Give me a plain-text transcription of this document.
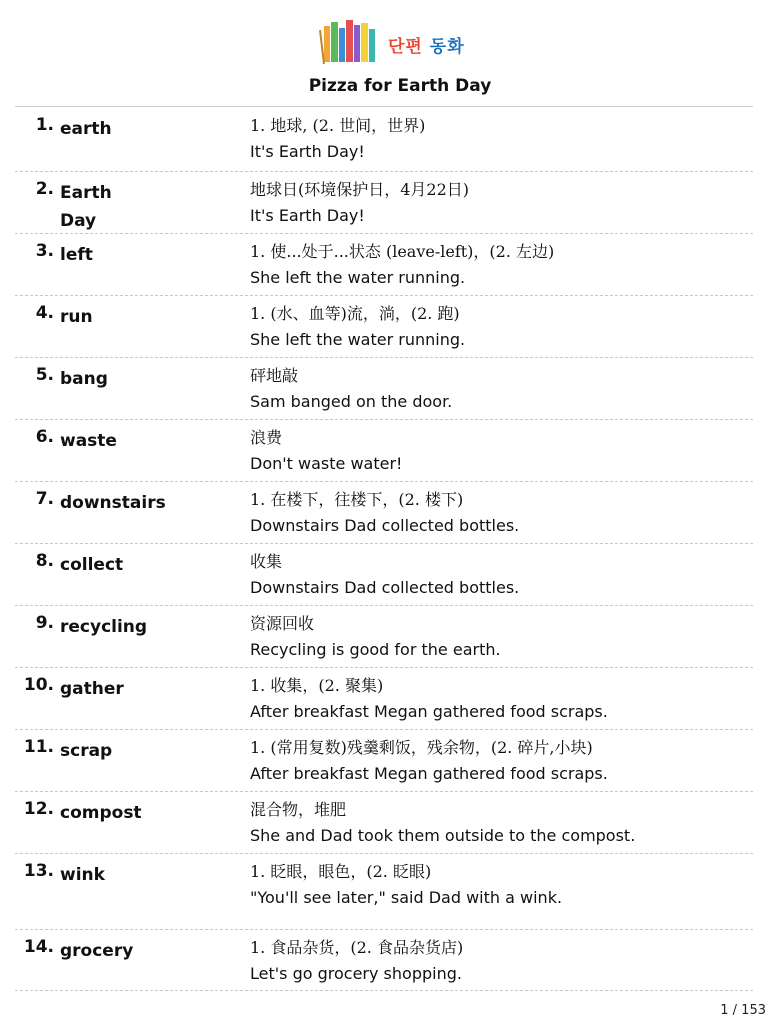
단편 동화
Pizza for Earth Day
1. earth	1. 地球, (2. 世间，世界)
It's Earth Day!
2. Earth Day
地球日(环境保护日，4月22日)
It's Earth Day!
3. left	1. 使...处于...状态 (leave-left)，(2. 左边)
She left the water running.
4. run	1. (水、血等)流，淌，(2. 跑)
She left the water running.
5. bang	砰地敲
Sam banged on the door.
6. waste	浪费
Don't waste water!
7. downstairs	1. 在楼下，往楼下，(2. 楼下)
Downstairs Dad collected bottles.
8. collect	收集
Downstairs Dad collected bottles.
9. recycling	资源回收
Recycling is good for the earth.
10. gather	1. 收集，(2. 聚集)
After breakfast Megan gathered food scraps.
11. scrap	1. (常用复数)残羹剩饭，残余物，(2. 碎片,小块)
After breakfast Megan gathered food scraps.
12. compost	混合物，堆肥
She and Dad took them outside to the compost.
13. wink	1. 眨眼，眼色，(2. 眨眼)
"You'll see later," said Dad with a wink.
14. grocery	1. 食品杂货，(2. 食品杂货店)
Let's go grocery shopping.
1 / 153
